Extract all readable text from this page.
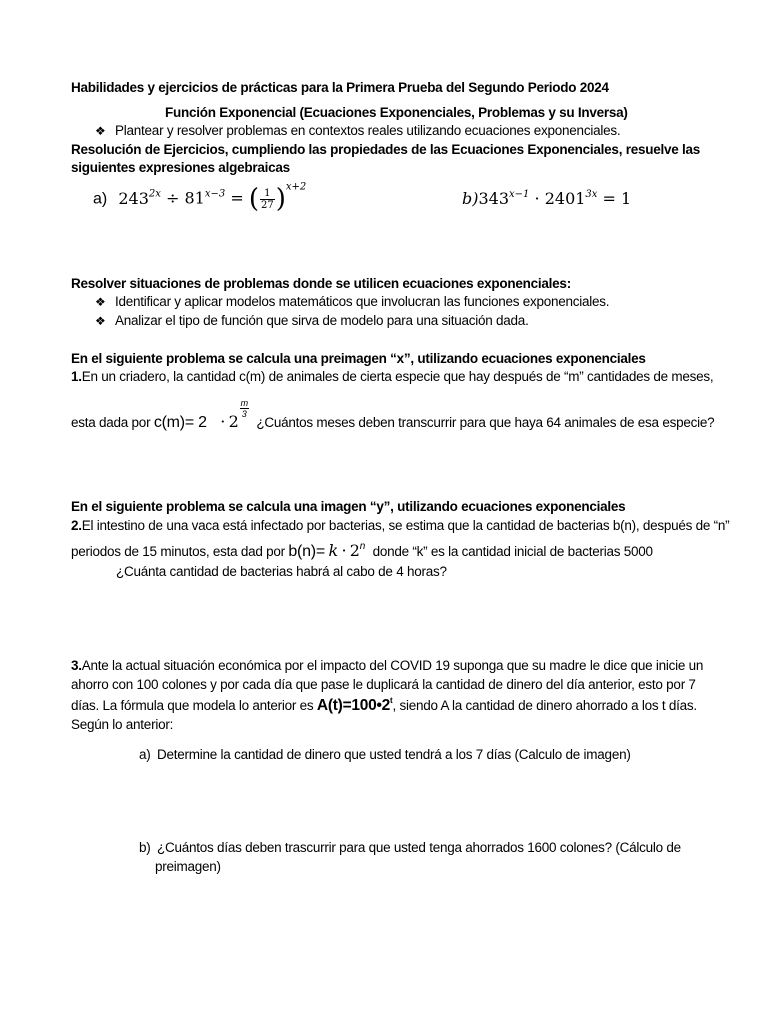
Habilidades y ejercicios de prácticas para la Primera Prueba del Segundo Periodo 2024
Función Exponencial (Ecuaciones Exponenciales, Problemas y su Inversa)
❖ Plantear y resolver problemas en contextos reales utilizando ecuaciones exponenciales.
Resolución de Ejercicios, cumpliendo las propiedades de las Ecuaciones Exponenciales, resuelve las
siguientes expresiones algebraicas
a) $243^{2x} \div 81^{x-3}$ = ( $\frac{1}{27} )^{x+2}$
$b)343^{x-1} \cdot 2401^{3x} = 1$
Resolver situaciones de problemas donde se utilicen ecuaciones exponenciales:
❖ Identificar y aplicar modelos matemáticos que involucran las funciones exponenciales.
❖ Analizar el tipo de función que sirva de modelo para una situación dada.
En el siguiente problema se calcula una preimagen “x”, utilizando ecuaciones exponenciales
1.En un criadero, la cantidad c(m) de animales de cierta especie que hay después de “m” cantidades de meses,
esta dada por c(m)= 2 · 2
$\frac{m}{3}$
¿Cuántos meses deben transcurrir para que haya 64 animales de esa especie?
En el siguiente problema se calcula una imagen “y”, utilizando ecuaciones exponenciales
2.El intestino de una vaca está infectado por bacterias, se estima que la cantidad de bacterias b(n), después de “n”
periodos de 15 minutos, esta dad por $b(n)= k \cdot 2^n$ donde “k” es la cantidad inicial de bacterias 5000
¿Cuánta cantidad de bacterias habrá al cabo de 4 horas?
3.Ante la actual situación económica por el impacto del COVID 19 suponga que su madre le dice que inicie un
ahorro con 100 colones y por cada día que pase le duplicará la cantidad de dinero del día anterior, esto por 7
días. La fórmula que modela lo anterior es $A(t)=100•2^t$, siendo A la cantidad de dinero ahorrado a los t días.
Según lo anterior:
a) Determine la cantidad de dinero que usted tendrá a los 7 días (Calculo de imagen)
b) ¿Cuántos días deben trascurrir para que usted tenga ahorrados 1600 colones? (Cálculo de
preimagen)
